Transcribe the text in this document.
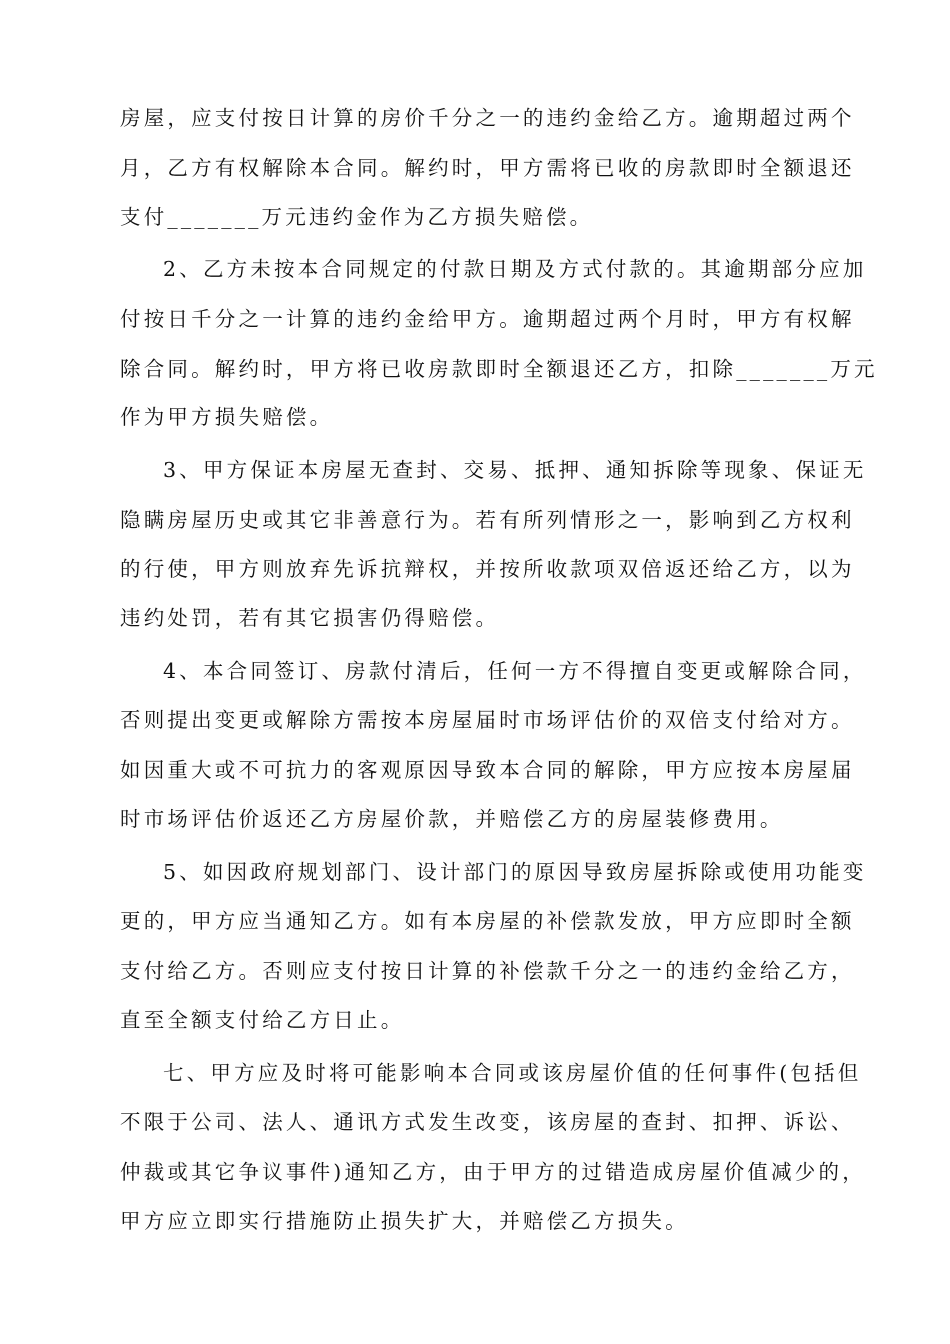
房屋，应支付按日计算的房价千分之一的违约金给乙方。逾期超过两个
月，乙方有权解除本合同。解约时，甲方需将已收的房款即时全额退还
支付_______万元违约金作为乙方损失赔偿。
2、乙方未按本合同规定的付款日期及方式付款的。其逾期部分应加
付按日千分之一计算的违约金给甲方。逾期超过两个月时，甲方有权解
除合同。解约时，甲方将已收房款即时全额退还乙方，扣除_______万元
作为甲方损失赔偿。
3、甲方保证本房屋无查封、交易、抵押、通知拆除等现象、保证无
隐瞒房屋历史或其它非善意行为。若有所列情形之一，影响到乙方权利
的行使，甲方则放弃先诉抗辩权，并按所收款项双倍返还给乙方，以为
违约处罚，若有其它损害仍得赔偿。
4、本合同签订、房款付清后，任何一方不得擅自变更或解除合同，
否则提出变更或解除方需按本房屋届时市场评估价的双倍支付给对方。
如因重大或不可抗力的客观原因导致本合同的解除，甲方应按本房屋届
时市场评估价返还乙方房屋价款，并赔偿乙方的房屋装修费用。
5、如因政府规划部门、设计部门的原因导致房屋拆除或使用功能变
更的，甲方应当通知乙方。如有本房屋的补偿款发放，甲方应即时全额
支付给乙方。否则应支付按日计算的补偿款千分之一的违约金给乙方，
直至全额支付给乙方日止。
七、甲方应及时将可能影响本合同或该房屋价值的任何事件(包括但
不限于公司、法人、通讯方式发生改变，该房屋的查封、扣押、诉讼、
仲裁或其它争议事件)通知乙方，由于甲方的过错造成房屋价值减少的，
甲方应立即实行措施防止损失扩大，并赔偿乙方损失。
